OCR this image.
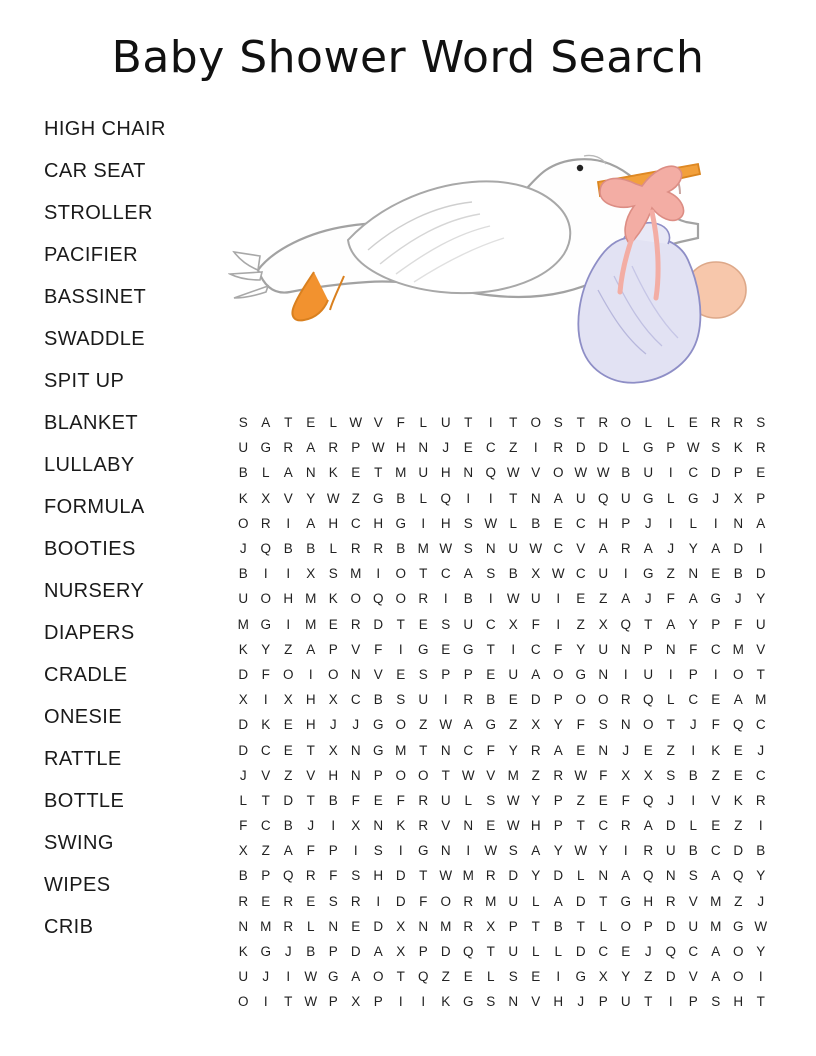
Baby Shower Word Search
HIGH CHAIR
CAR SEAT
STROLLER
PACIFIER
BASSINET
SWADDLE
SPIT UP
BLANKET
LULLABY
FORMULA
BOOTIES
NURSERY
DIAPERS
CRADLE
ONESIE
RATTLE
BOTTLE
SWING
WIPES
CRIB
S A	T	E	L W V	F	L	U	T	I	T O S	T	R O L	L	E R R S
U G R A R P W H N	J	E C	Z	I	R D D	L G P W S K R
B	L	A N K E	T M U H N Q W V O W W B U	I	C D P E
K X V Y W Z G B	L Q	I	I	T	N A U Q U G L G	J	X P
O R	I	A H C H G	I	H S W L	B E C H P	J	I	L	I	N A
J	Q B B	L	R R B M W S N U W C V A R A	J	Y A D	I
B	I	I	X S M	I	O T	C A S B X W C U	I	G Z	N E B D
U O H M K O Q O R	I	B	I	W U	I	E	Z	A	J	F	A G	J	Y
M G	I	M E R D	T	E S U C X	F	I	Z	X Q T	A Y P	F	U
K Y	Z	A P V	F	I	G E G T	I	C	F	Y U N P N	F	C M V
D	F O	I	O N V E S P P E U A O G N	I	U	I	P	I	O T
X	I	X H X C B S U	I	R B E D P O O R Q L	C E A M
D K E H	J	J	G O Z W A G Z	X Y	F	S N O T	J	F Q C
D C E	T	X N G M T	N C	F	Y R A E N	J	E	Z	I	K E	J
J	V	Z	V H N P O O T W V M Z	R W F	X X S B	Z	E C
L	T	D	T	B	F	E	F	R U	L	S W Y P	Z	E	F Q	J	I	V K R
F	C B	J	I	X N K R V N E W H P	T	C R A D	L	E	Z	I
X	Z	A	F	P	I	S	I	G N	I	W S A Y W Y	I	R U B C D B
B P Q R	F	S H D	T W M R D Y D	L	N A Q N S A Q Y
R E R E S R	I	D	F O R M U	L	A D	T G H R V M Z	J
N M R	L	N E D X N M R X P	T	B	T	L O P D U M G W
K G	J	B P D A X P D Q T	U	L	L	D C E	J	Q C A O Y
U	J	I	W G A O T Q Z	E	L	S E	I	G X Y	Z	D V A O	I
O	I	T W P X P	I	I	K G S N V H	J	P U	T	I	P S H	T
